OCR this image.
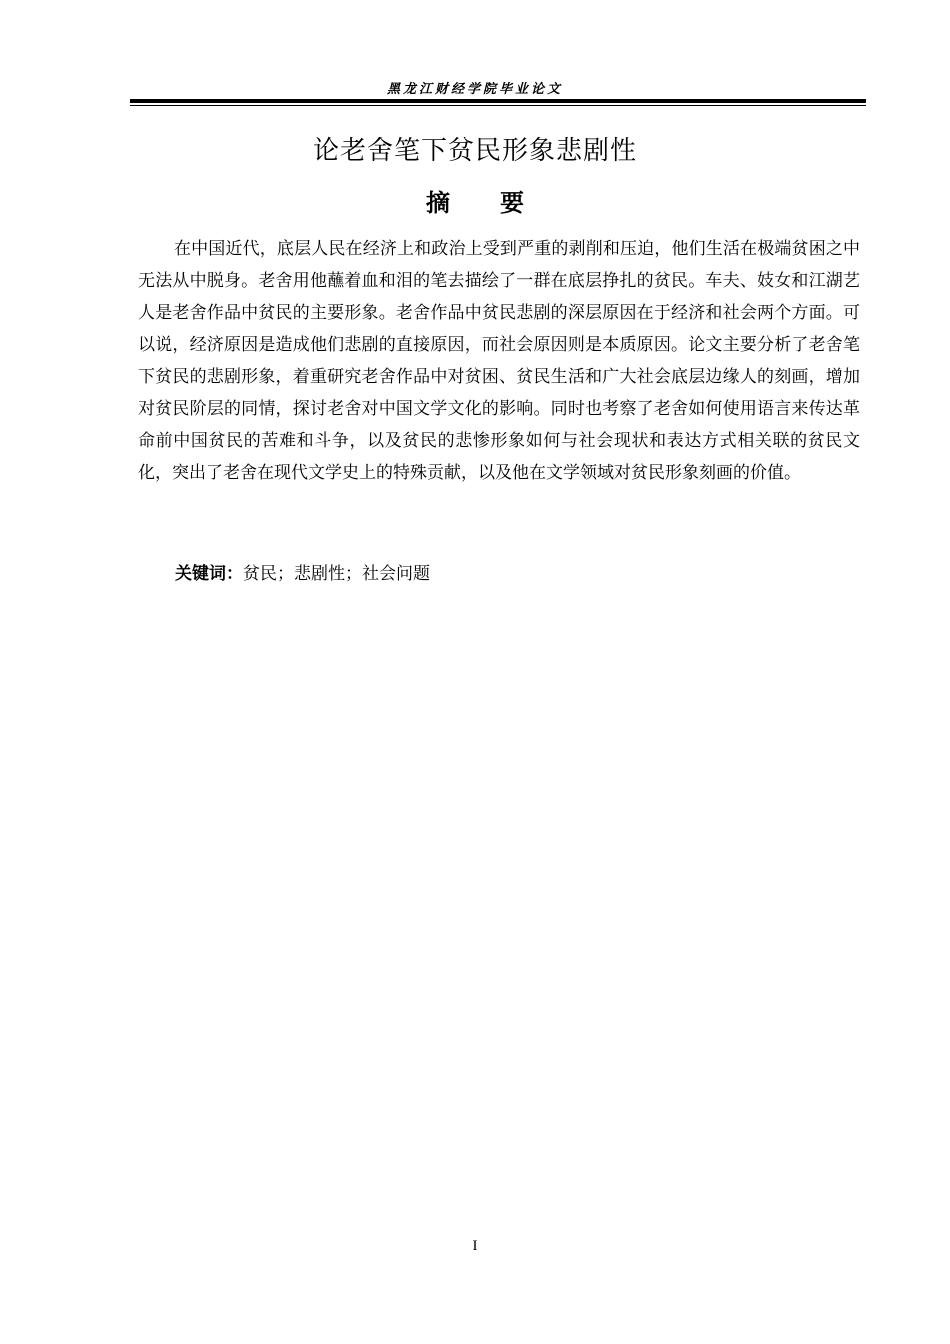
黑龙江财经学院毕业论文
论老舍笔下贫民形象悲剧性
摘要

在中国近代，底层人民在经济上和政治上受到严重的剥削和压迫，他们生活在极端贫困之中无法从中脱身。老舍用他蘸着血和泪的笔去描绘了一群在底层挣扎的贫民。车夫、妓女和江湖艺人是老舍作品中贫民的主要形象。老舍作品中贫民悲剧的深层原因在于经济和社会两个方面。可以说，经济原因是造成他们悲剧的直接原因，而社会原因则是本质原因。论文主要分析了老舍笔下贫民的悲剧形象，着重研究老舍作品中对贫困、贫民生活和广大社会底层边缘人的刻画，增加对贫民阶层的同情，探讨老舍对中国文学文化的影响。同时也考察了老舍如何使用语言来传达革命前中国贫民的苦难和斗争，以及贫民的悲惨形象如何与社会现状和表达方式相关联的贫民文化，突出了老舍在现代文学史上的特殊贡献，以及他在文学领域对贫民形象刻画的价值。

关键词：贫民；悲剧性；社会问题
I
